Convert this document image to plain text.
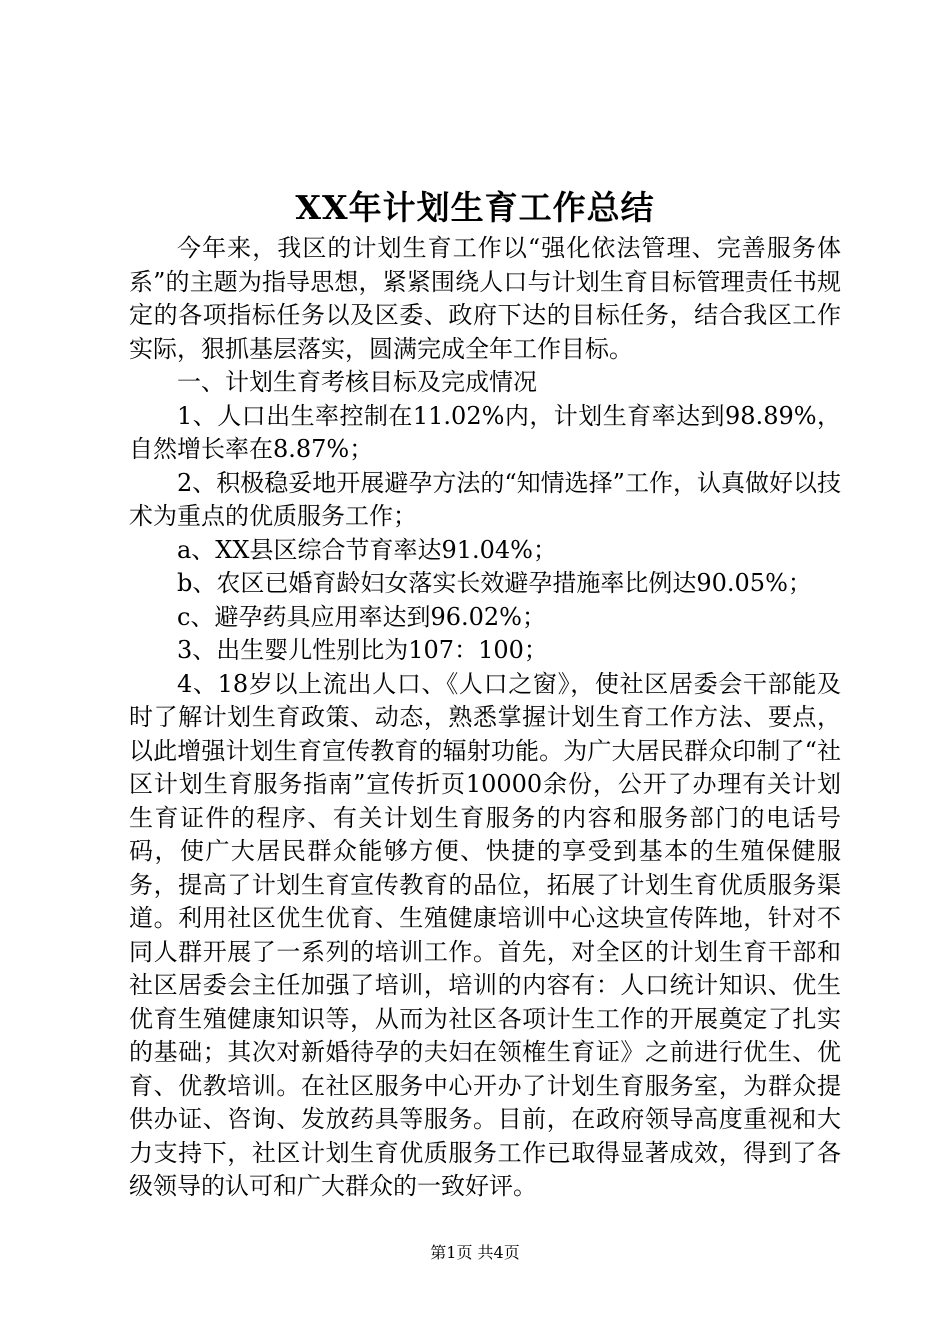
XX年计划生育工作总结

今年来，我区的计划生育工作以“强化依法管理、完善服务体系”的主题为指导思想，紧紧围绕人口与计划生育目标管理责任书规定的各项指标任务以及区委、政府下达的目标任务，结合我区工作实际，狠抓基层落实，圆满完成全年工作目标。

一、计划生育考核目标及完成情况

1、人口出生率控制在11.02%内，计划生育率达到98.89%，自然增长率在8.87%；

2、积极稳妥地开展避孕方法的“知情选择”工作，认真做好以技术为重点的优质服务工作；

a、XX县区综合节育率达91.04%；

b、农区已婚育龄妇女落实长效避孕措施率比例达90.05%；

c、避孕药具应用率达到96.02%；

3、出生婴儿性别比为107：100；

4、18岁以上流出人口、《人口之窗》，使社区居委会干部能及时了解计划生育政策、动态，熟悉掌握计划生育工作方法、要点，以此增强计划生育宣传教育的辐射功能。为广大居民群众印制了“社区计划生育服务指南”宣传折页10000余份，公开了办理有关计划生育证件的程序、有关计划生育服务的内容和服务部门的电话号码，使广大居民群众能够方便、快捷的享受到基本的生殖保健服务，提高了计划生育宣传教育的品位，拓展了计划生育优质服务渠道。利用社区优生优育、生殖健康培训中心这块宣传阵地，针对不同人群开展了一系列的培训工作。首先，对全区的计划生育干部和社区居委会主任加强了培训，培训的内容有：人口统计知识、优生优育生殖健康知识等，从而为社区各项计生工作的开展奠定了扎实的基础；其次对新婚待孕的夫妇在领榷生育证》之前进行优生、优育、优教培训。在社区服务中心开办了计划生育服务室，为群众提供办证、咨询、发放药具等服务。目前，在政府领导高度重视和大力支持下，社区计划生育优质服务工作已取得显著成效，得到了各级领导的认可和广大群众的一致好评。

第1页 共4页
